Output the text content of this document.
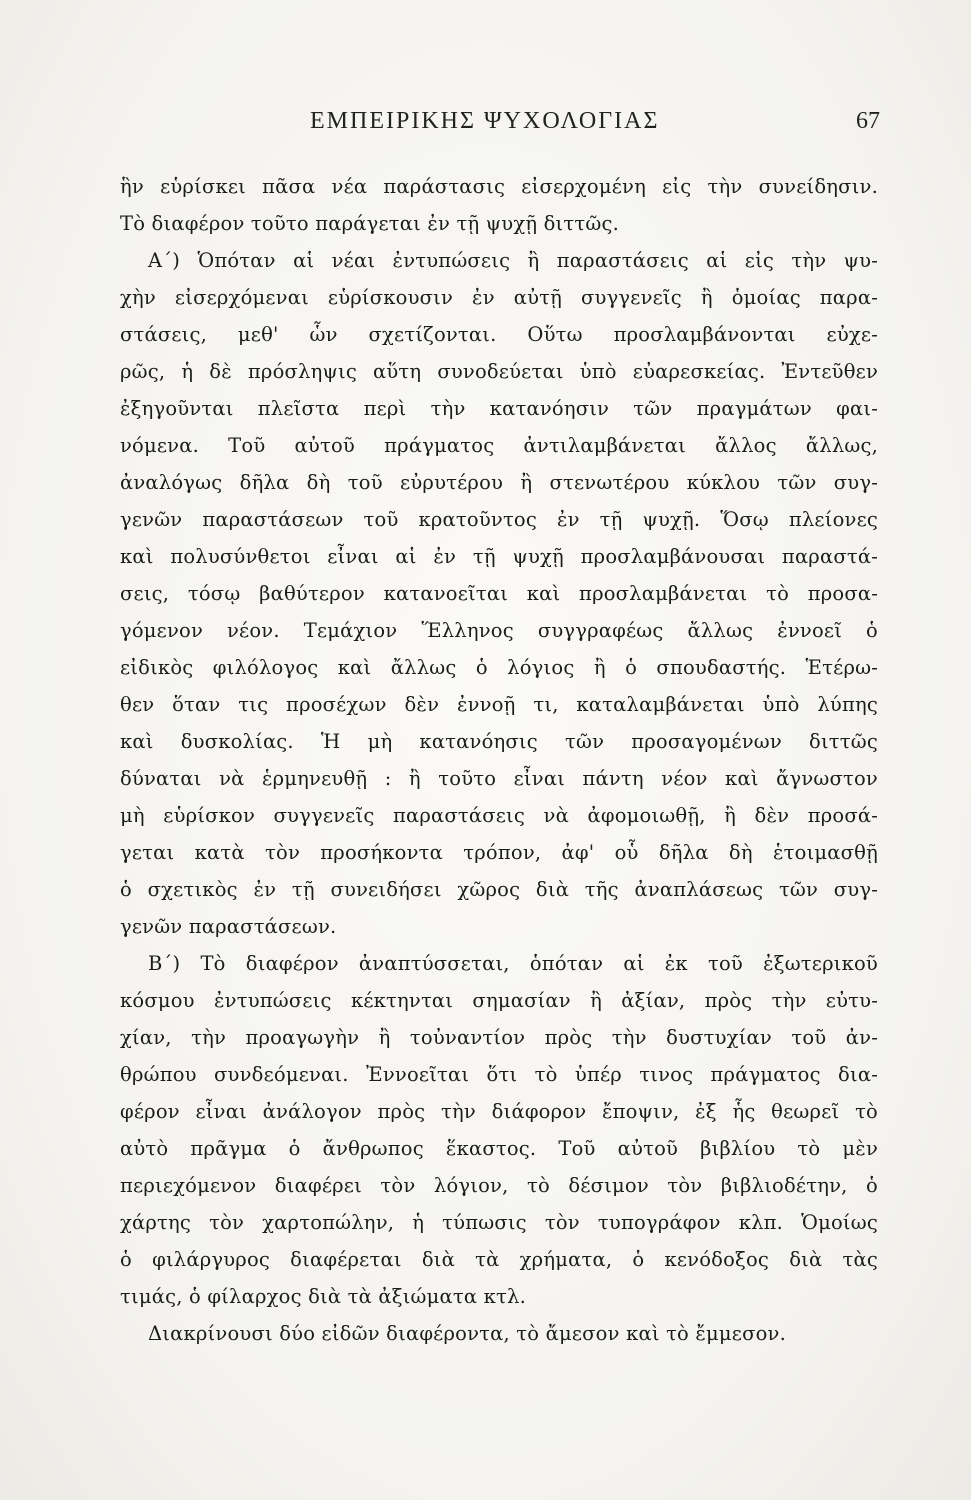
ΕΜΠΕΙΡΙΚΗΣ ΨΥΧΟΛΟΓΙΑΣ	67
ἣν εὑρίσκει πᾶσα νέα παράστασις εἰσερχομένη εἰς τὴν συνείδησιν.
Τὸ διαφέρον τοῦτο παράγεται ἐν τῇ ψυχῇ διττῶς.
Α΄) Ὁπόταν αἱ νέαι ἐντυπώσεις ἢ παραστάσεις αἱ εἰς τὴν ψυ-
χὴν εἰσερχόμεναι εὑρίσκουσιν ἐν αὐτῇ συγγενεῖς ἢ ὁμοίας παρα-
στάσεις, μεθ' ὧν σχετίζονται. Οὕτω προσλαμβάνονται εὐχε-
ρῶς, ἡ δὲ πρόσληψις αὕτη συνοδεύεται ὑπὸ εὐαρεσκείας. Ἐντεῦθεν
ἐξηγοῦνται πλεῖστα περὶ τὴν κατανόησιν τῶν πραγμάτων φαι-
νόμενα. Τοῦ αὐτοῦ πράγματος ἀντιλαμβάνεται ἄλλος ἄλλως,
ἀναλόγως δῆλα δὴ τοῦ εὐρυτέρου ἢ στενωτέρου κύκλου τῶν συγ-
γενῶν παραστάσεων τοῦ κρατοῦντος ἐν τῇ ψυχῇ. Ὅσῳ πλείονες
καὶ πολυσύνθετοι εἶναι αἱ ἐν τῇ ψυχῇ προσλαμβάνουσαι παραστά-
σεις, τόσῳ βαθύτερον κατανοεῖται καὶ προσλαμβάνεται τὸ προσα-
γόμενον νέον. Τεμάχιον Ἕλληνος συγγραφέως ἄλλως ἐννοεῖ ὁ
εἰδικὸς φιλόλογος καὶ ἄλλως ὁ λόγιος ἢ ὁ σπουδαστής. Ἑτέρω-
θεν ὅταν τις προσέχων δὲν ἐννοῇ τι, καταλαμβάνεται ὑπὸ λύπης
καὶ δυσκολίας. Ἡ μὴ κατανόησις τῶν προσαγομένων διττῶς
δύναται νὰ ἑρμηνευθῇ : ἢ τοῦτο εἶναι πάντη νέον καὶ ἄγνωστον
μὴ εὑρίσκον συγγενεῖς παραστάσεις νὰ ἀφομοιωθῇ, ἢ δὲν προσά-
γεται κατὰ τὸν προσήκοντα τρόπον, ἀφ' οὗ δῆλα δὴ ἑτοιμασθῇ
ὁ σχετικὸς ἐν τῇ συνειδήσει χῶρος διὰ τῆς ἀναπλάσεως τῶν συγ-
γενῶν παραστάσεων.
Β΄) Τὸ διαφέρον ἀναπτύσσεται, ὁπόταν αἱ ἐκ τοῦ ἐξωτερικοῦ
κόσμου ἐντυπώσεις κέκτηνται σημασίαν ἢ ἀξίαν, πρὸς τὴν εὐτυ-
χίαν, τὴν προαγωγὴν ἢ τοὐναντίον πρὸς τὴν δυστυχίαν τοῦ ἀν-
θρώπου συνδεόμεναι. Ἐννοεῖται ὅτι τὸ ὑπέρ τινος πράγματος δια-
φέρον εἶναι ἀνάλογον πρὸς τὴν διάφορον ἔποψιν, ἐξ ἧς θεωρεῖ τὸ
αὐτὸ πρᾶγμα ὁ ἄνθρωπος ἕκαστος. Τοῦ αὐτοῦ βιβλίου τὸ μὲν
περιεχόμενον διαφέρει τὸν λόγιον, τὸ δέσιμον τὸν βιβλιοδέτην, ὁ
χάρτης τὸν χαρτοπώλην, ἡ τύπωσις τὸν τυπογράφον κλπ. Ὁμοίως
ὁ φιλάργυρος διαφέρεται διὰ τὰ χρήματα, ὁ κενόδοξος διὰ τὰς
τιμάς, ὁ φίλαρχος διὰ τὰ ἀξιώματα κτλ.
Διακρίνουσι δύο εἰδῶν διαφέροντα, τὸ ἄμεσον καὶ τὸ ἔμμεσον.
